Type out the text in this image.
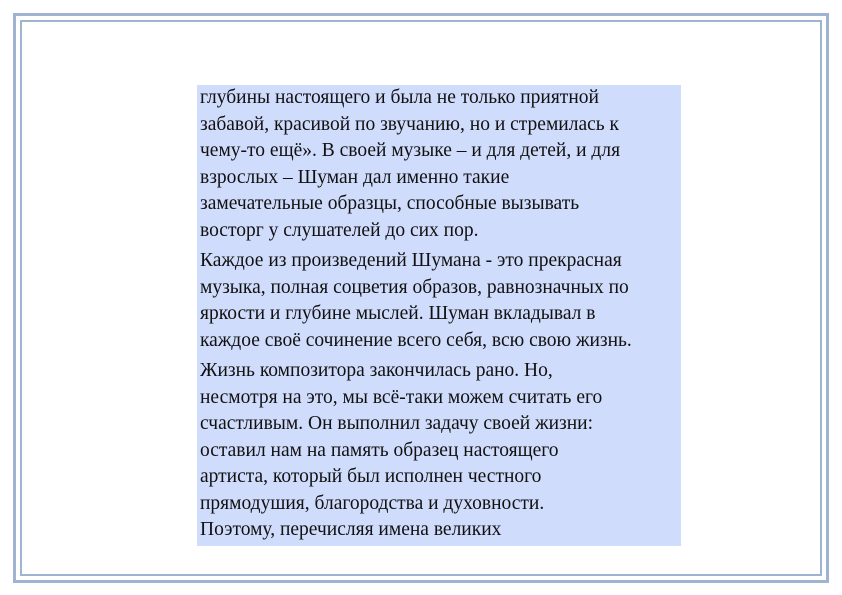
глубины настоящего и была не только приятной
забавой, красивой по звучанию, но и стремилась к
чему-то ещё». В своей музыке – и для детей, и для
взрослых – Шуман дал именно такие
замечательные образцы, способные вызывать
восторг у слушателей до сих пор.

Каждое из произведений Шумана - это прекрасная
музыка, полная соцветия образов, равнозначных по
яркости и глубине мыслей. Шуман вкладывал в
каждое своё сочинение всего себя, всю свою жизнь.

Жизнь композитора закончилась рано. Но,
несмотря на это, мы всё-таки можем считать его
счастливым. Он выполнил задачу своей жизни:
оставил нам на память образец настоящего
артиста, который был исполнен честного
прямодушия, благородства и духовности.
Поэтому, перечисляя имена великих
